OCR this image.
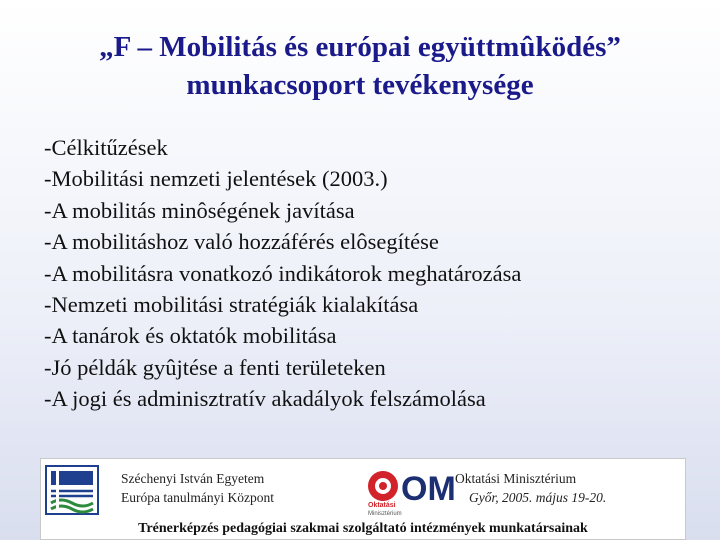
„F – Mobilitás és európai együttmûködés”
munkacsoport tevékenysége
-Célkitűzések
-Mobilitási nemzeti jelentések (2003.)
-A mobilitás minôségének javítása
-A mobilitáshoz való hozzáférés elôsegítése
-A mobilitásra vonatkozó indikátorok meghatározása
-Nemzeti mobilitási stratégiák kialakítása
-A tanárok és oktatók mobilitása
-Jó példák gyûjtése a fenti területeken
-A jogi és adminisztratív akadályok felszámolása
Széchenyi István Egyetem
Európa tanulmányi Központ	OM
Oktatási
Minisztérium
Oktatási Minisztérium
Győr, 2005. május 19-20.
Trénerképzés pedagógiai szakmai szolgáltató intézmények munkatársainak
